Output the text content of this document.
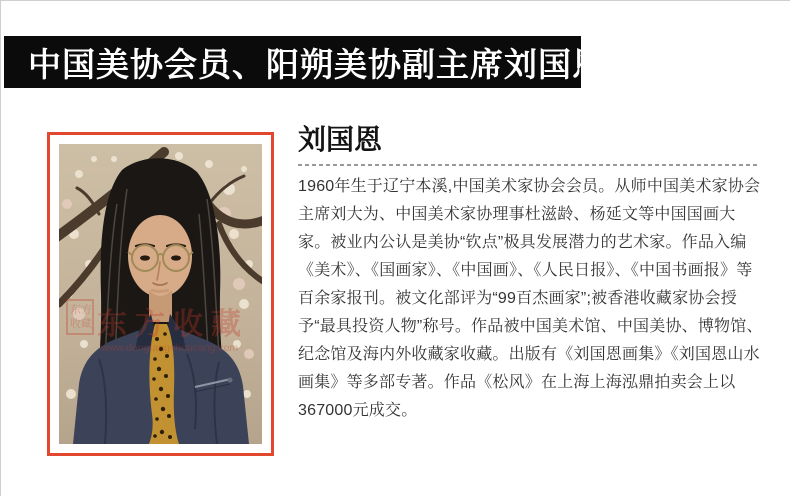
中国美协会员、阳朔美协副主席刘国恩
东方
收藏 东方收藏
www.dongfangshoucang.com
刘国恩

1960年生于辽宁本溪,中国美术家协会会员。从师中国美术家协会主席刘大为、中国美术家协理事杜滋龄、杨延文等中国国画大家。被业内公认是美协“钦点”极具发展潜力的艺术家。作品入编《美术》、《国画家》、《中国画》、《人民日报》、《中国书画报》等百余家报刊。被文化部评为“99百杰画家”;被香港收藏家协会授予“最具投资人物”称号。作品被中国美术馆、中国美协、博物馆、纪念馆及海内外收藏家收藏。出版有《刘国恩画集》《刘国恩山水画集》等多部专著。作品《松风》在上海上海泓鼎拍卖会上以367000元成交。
